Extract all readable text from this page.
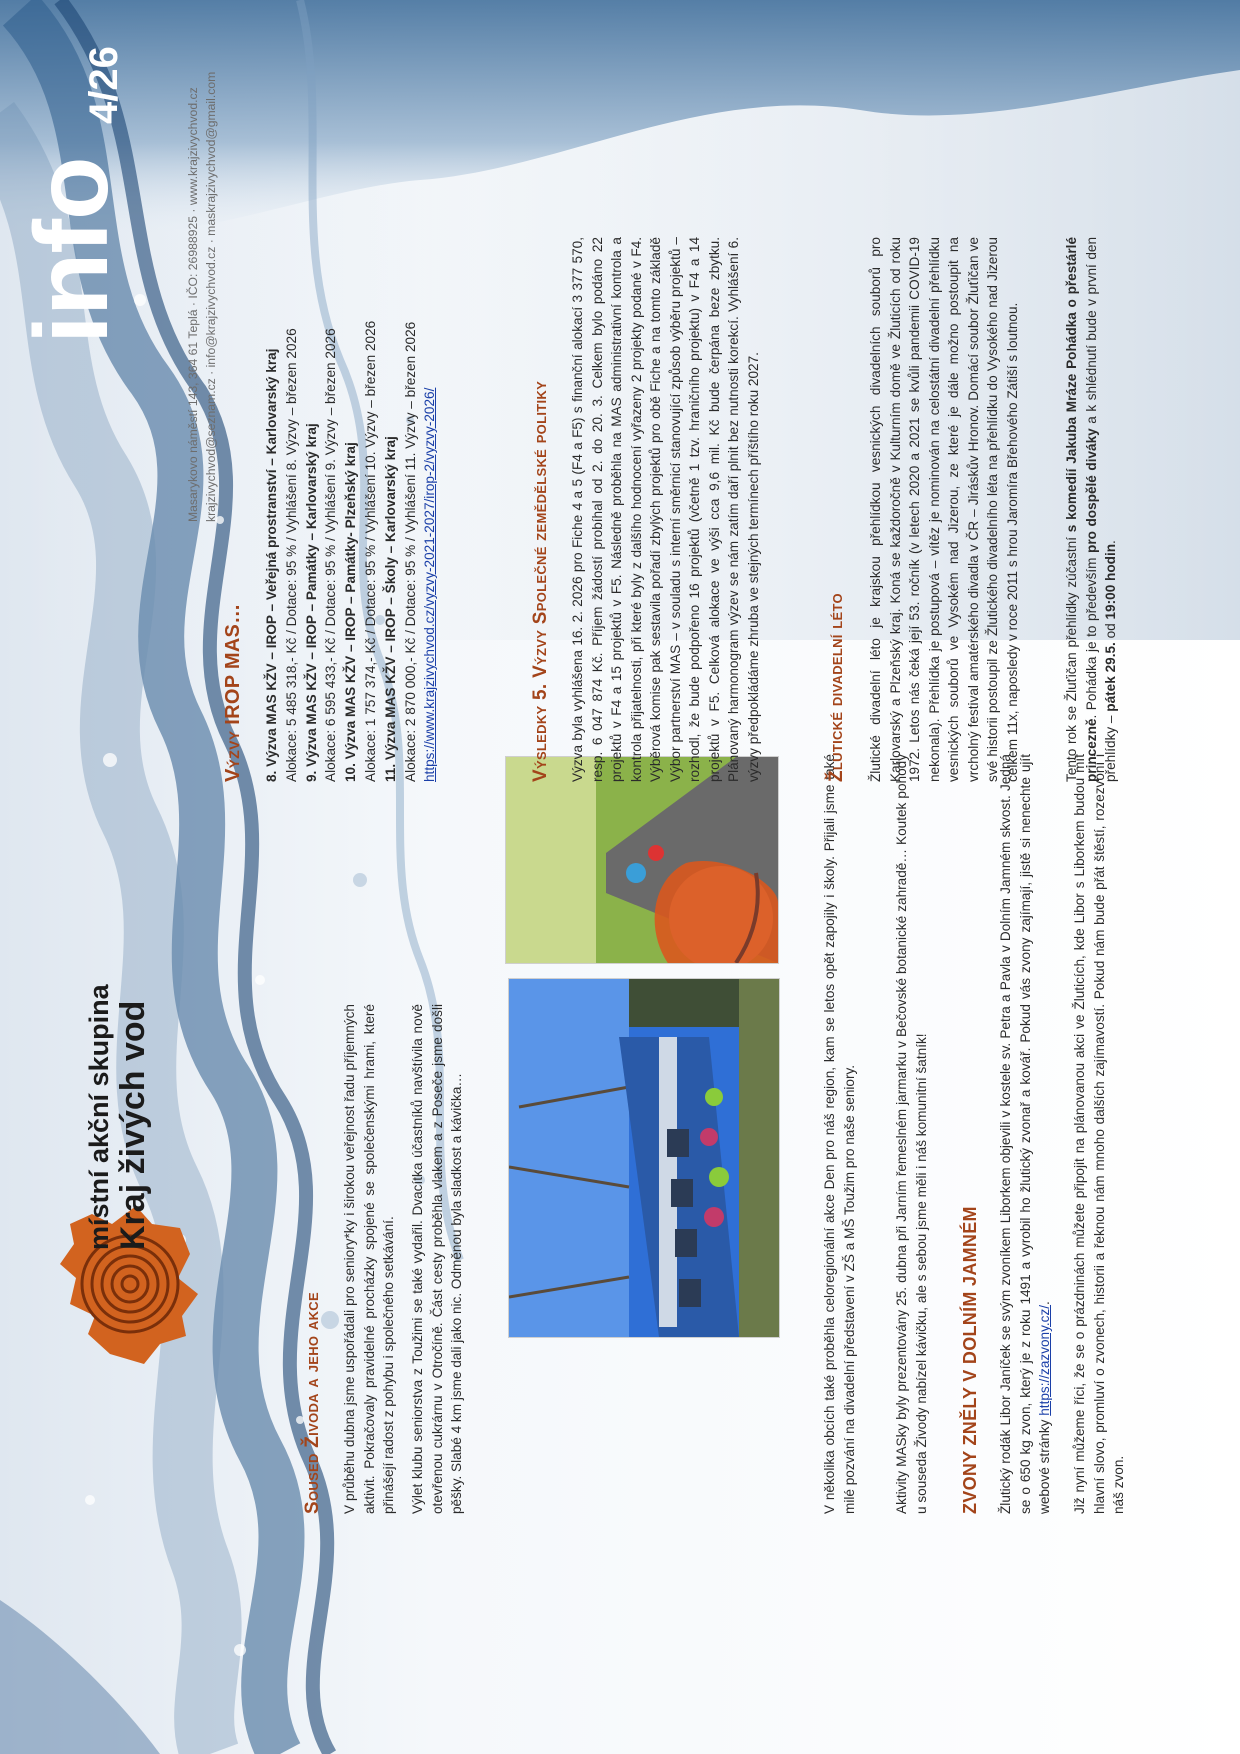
místní akční skupina Kraj živých vod
info
4/26
Masarykovo náměstí 143, 364 61 Teplá · IČO: 26988925 · www.krajzivychvod.cz krajzivychvod@seznam.cz · info@krajzivychvod.cz · maskrajzivychvod@gmail.com
Soused Živoda a jeho akce V průběhu dubna jsme uspořádali pro seniory*ky i širokou veřejnost řadu příjemných aktivit. Pokračovaly pravidelné procházky spojené se společenskými hrami, které přinášejí radost z pohybu i společného setkávání. Výlet klubu seniorstva z Toužimi se také vydařil. Dvacítka účastníků navštívila nově otevřenou cukrárnu v Otročíně. Část cesty proběhla vlakem a z Poseče jsme došli pěšky. Slabé 4 km jsme dali jako nic. Odměnou byla sladkost a kávička…	V několika obcích také proběhla celoregionální akce Den pro náš region, kam se letos opět zapojily i školy. Přijali jsme také milé pozvání na divadelní představení v ZŠ a MŠ Toužim pro naše seniory.	Aktivity MASky byly prezentovány 25. dubna při Jarním řemeslném jarmarku v Bečovské botanické zahradě… Koutek pohody u souseda Živody nabízel kávičku, ale s sebou jsme měli i náš komunitní šatník! ZVONY ZNĚLY V DOLNÍM JAMNÉM Žlutický rodák Libor Janíček se svým zvoníkem Liborkem objevili v kostele sv. Petra a Pavla v Dolním Jamném skvost. Jedná se o 650 kg zvon, který je z roku 1491 a vyrobil ho žlutický zvonař a kovář. Pokud vás zvony zajímají, jistě si nenechte ujít webové stránky https://zazvony.cz/. Již nyní můžeme říci, že se o prázdninách můžete připojit na plánovanou akci ve Žluticích, kde Libor s Liborkem budou mít hlavní slovo, promluví o zvonech, historii a řeknou nám mnoho dalších zajímavostí. Pokud nám bude přát štěstí, rozezvoní i náš zvon.
Výzvy IROP MAS… 8. Výzva MAS KŽV – IROP – Veřejná prostranství – Karlovarský kraj Alokace: 5 485 318,- Kč / Dotace: 95 % / Vyhlášení 8. Výzvy – březen 2026 9. Výzva MAS KŽV – IROP – Památky – Karlovarský kraj Alokace: 6 595 433,- Kč / Dotace: 95 % / Vyhlášení 9. Výzvy – březen 2026 10. Výzva MAS KŽV – IROP – Památky- Plzeňský kraj Alokace: 1 757 374,- Kč / Dotace: 95 % / Vyhlášení 10. Výzvy – březen 2026 11. Výzva MAS KŽV – IROP – Školy – Karlovarský kraj Alokace: 2 870 000,- Kč / Dotace: 95 % / Vyhlášení 11. Výzvy – březen 2026 https://www.krajzivychvod.cz/vyzvy-2021-2027/irop-2/vyzvy-2026/	Výsledky 5. Výzvy Společné zemědělské politiky Výzva byla vyhlášena 16. 2. 2026 pro Fiche 4 a 5 (F4 a F5) s finanční alokací 3 377 570, resp. 6 047 874 Kč. Příjem žádostí probíhal od 2. do 20. 3. Celkem bylo podáno 22 projektů v F4 a 15 projektů v F5. Následně proběhla na MAS administrativní kontrola a kontrola přijatelnosti, při které byly z dalšího hodnocení vyřazeny 2 projekty podané v F4. Výběrová komise pak sestavila pořadí zbylých projektů pro obě Fiche a na tomto základě Výbor partnerství MAS – v souladu s interní směrnicí stanovující způsob výběru projektů – rozhodl, že bude podpořeno 16 projektů (včetně 1 tzv. hraničního projektu) v F4 a 14 projektů v F5. Celková alokace ve výši cca 9,6 mil. Kč bude čerpána beze zbytku. Plánovaný harmonogram výzev se nám zatím daří plnit bez nutnosti korekcí. Vyhlášení 6. výzvy předpokládáme zhruba ve stejných termínech příštího roku 2027.	Žlutické divadelní léto Žlutické divadelní léto je krajskou přehlídkou vesnických divadelních souborů pro Karlovarský a Plzeňský kraj. Koná se každoročně v Kulturním domě ve Žluticích od roku 1972. Letos nás čeká její 53. ročník (v letech 2020 a 2021 se kvůli pandemii COVID-19 nekonala). Přehlídka je postupová – vítěz je nominován na celostátní divadelní přehlídku vesnických souborů ve Vysokém nad Jizerou, ze které je dále možno postoupit na vrcholný festival amatérského divadla v ČR – Jiráskův Hronov. Domácí soubor Žluťičan ve své historii postoupil ze Žlutického divadelního léta na přehlídku do Vysokého nad Jizerou celkem 11x, naposledy v roce 2011 s hrou Jaromíra Břehového Zátiší s loutnou.	Tento rok se Žluťičan přehlídky zúčastní s komedií Jakuba Mráze Pohádka o přestárlé princezně. Pohádka je to především pro dospělé diváky a k shlédnutí bude v první den přehlídky – pátek 29.5. od 19:00 hodin.
